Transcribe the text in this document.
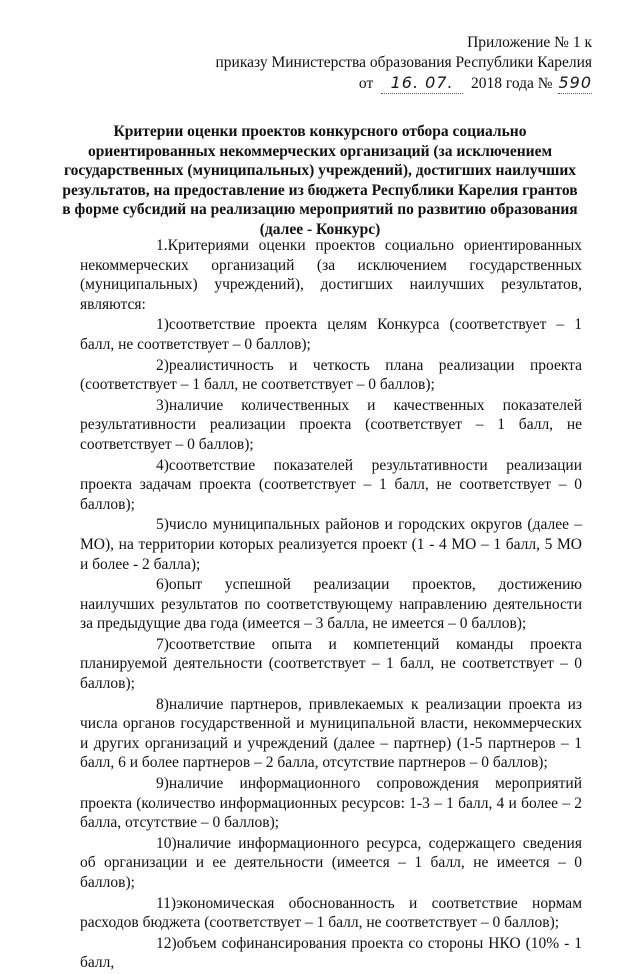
Приложение № 1 к
приказу Министерства образования Республики Карелия
от 16. 07. 2018 года № 590
Критерии оценки проектов конкурсного отбора социально ориентированных некоммерческих организаций (за исключением государственных (муниципальных) учреждений), достигших наилучших результатов, на предоставление из бюджета Республики Карелия грантов в форме субсидий на реализацию мероприятий по развитию образования (далее - Конкурс)

1.Критериями оценки проектов социально ориентированных некоммерческих организаций (за исключением государственных (муниципальных) учреждений), достигших наилучших результатов, являются:

1)соответствие проекта целям Конкурса (соответствует – 1 балл, не соответствует – 0 баллов);

2)реалистичность и четкость плана реализации проекта (соответствует – 1 балл, не соответствует – 0 баллов);

3)наличие количественных и качественных показателей результативности реализации проекта (соответствует – 1 балл, не соответствует – 0 баллов);

4)соответствие показателей результативности реализации проекта задачам проекта (соответствует – 1 балл, не соответствует – 0 баллов);

5)число муниципальных районов и городских округов (далее – МО), на территории которых реализуется проект (1 - 4 МО – 1 балл, 5 МО и более - 2 балла);

6)опыт успешной реализации проектов, достижению наилучших результатов по соответствующему направлению деятельности за предыдущие два года (имеется – 3 балла, не имеется – 0 баллов);

7)соответствие опыта и компетенций команды проекта планируемой деятельности (соответствует – 1 балл, не соответствует – 0 баллов);

8)наличие партнеров, привлекаемых к реализации проекта из числа органов государственной и муниципальной власти, некоммерческих и других организаций и учреждений (далее – партнер) (1-5 партнеров – 1 балл, 6 и более партнеров – 2 балла, отсутствие партнеров – 0 баллов);

9)наличие информационного сопровождения мероприятий проекта (количество информационных ресурсов: 1-3 – 1 балл, 4 и более – 2 балла, отсутствие – 0 баллов);

10)наличие информационного ресурса, содержащего сведения об организации и ее деятельности (имеется – 1 балл, не имеется – 0 баллов);

11)экономическая обоснованность и соответствие нормам расходов бюджета (соответствует – 1 балл, не соответствует – 0 баллов);

12)объем софинансирования проекта со стороны НКО (10% - 1 балл,
